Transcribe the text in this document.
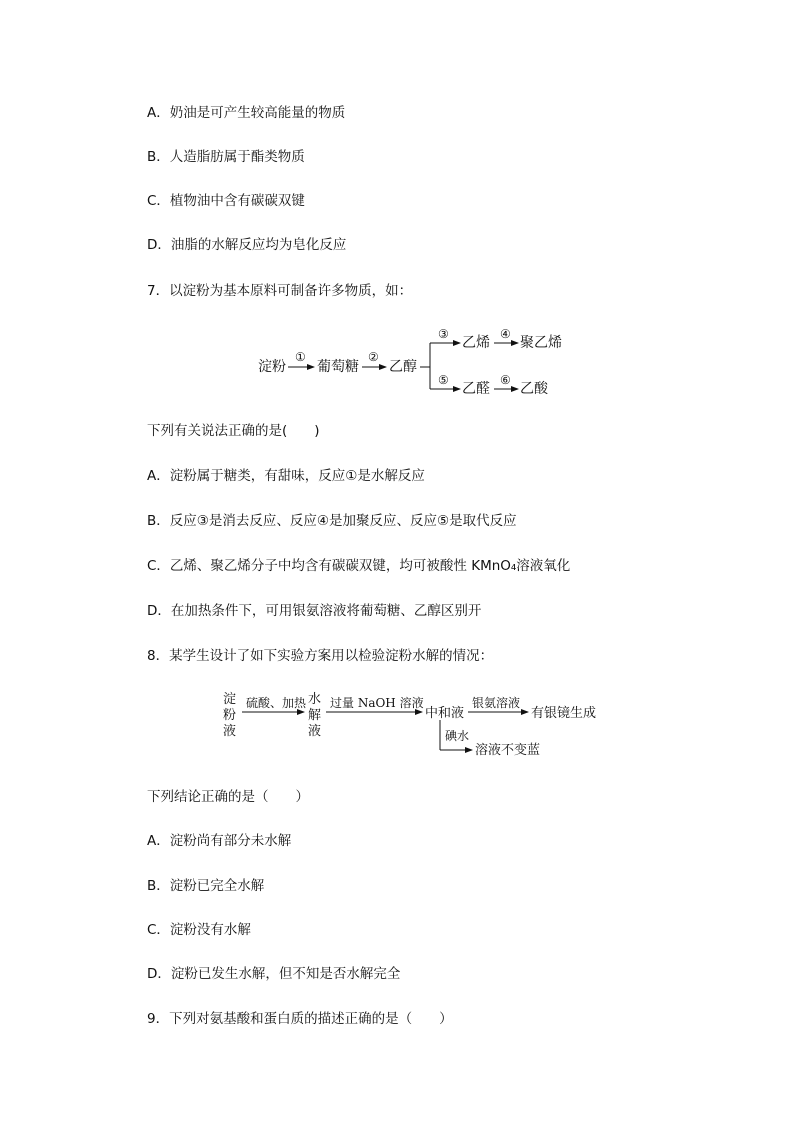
A．奶油是可产生较高能量的物质
B．人造脂肪属于酯类物质
C．植物油中含有碳碳双键
D．油脂的水解反应均为皂化反应
7．以淀粉为基本原料可制备许多物质，如：
淀粉
①
葡萄糖
②
乙醇
③
乙烯
④
聚乙烯
⑤
乙醛
⑥
乙酸
下列有关说法正确的是(　　)
A．淀粉属于糖类，有甜味，反应①是水解反应
B．反应③是消去反应、反应④是加聚反应、反应⑤是取代反应
C．乙烯、聚乙烯分子中均含有碳碳双键，均可被酸性 KMnO₄溶液氧化
D．在加热条件下，可用银氨溶液将葡萄糖、乙醇区别开
8．某学生设计了如下实验方案用以检验淀粉水解的情况：
淀
粉
液
硫酸、加热 水
解
液
过量 NaOH 溶液
中和液
银氨溶液
有银镜生成
碘水
溶液不变蓝
下列结论正确的是（　　）
A．淀粉尚有部分未水解
B．淀粉已完全水解
C．淀粉没有水解
D．淀粉已发生水解，但不知是否水解完全
9．下列对氨基酸和蛋白质的描述正确的是（　　）
